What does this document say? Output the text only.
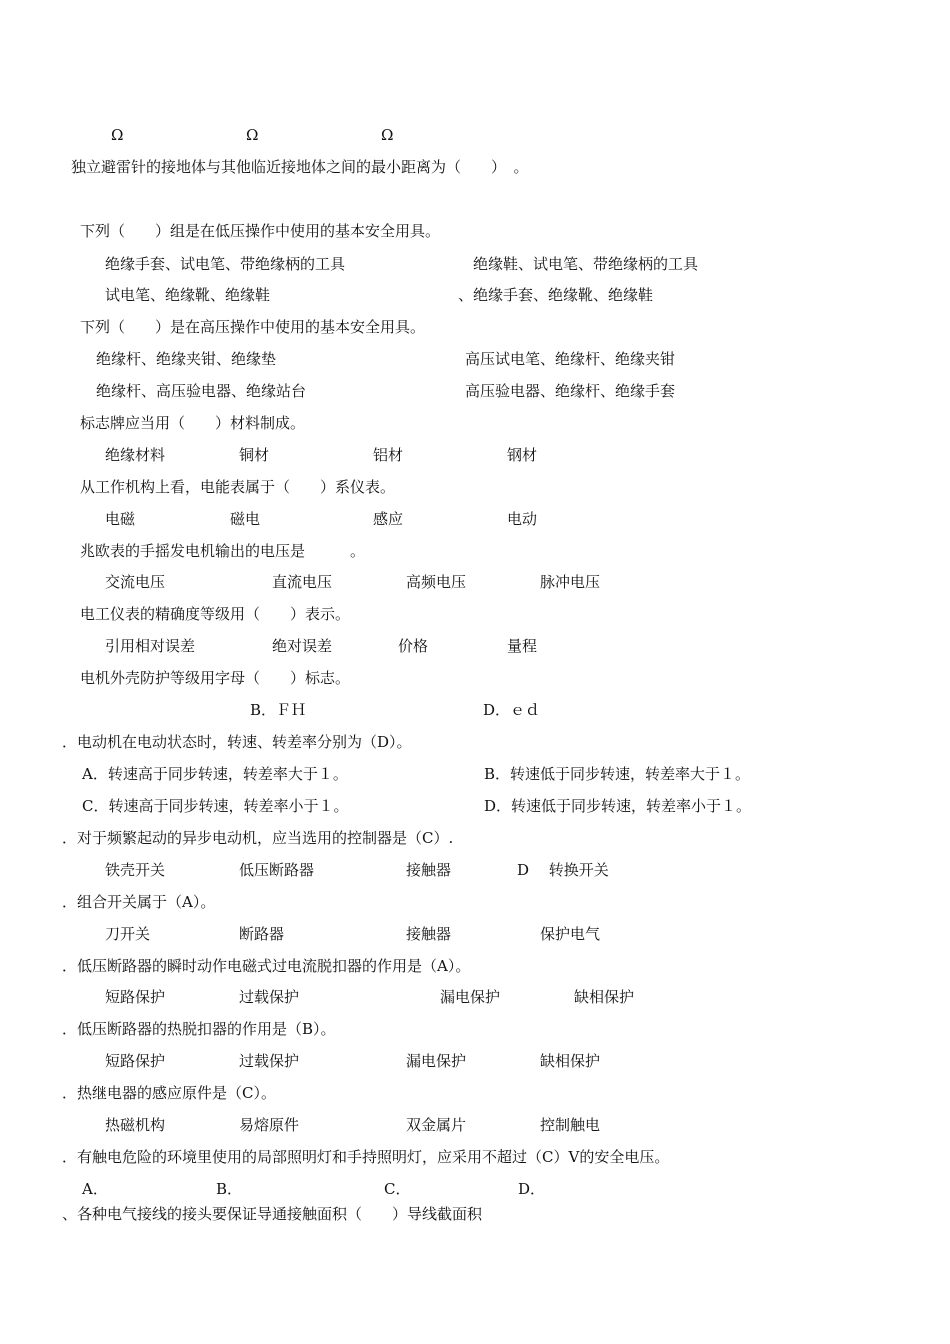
Ω	Ω	Ω
独立避雷针的接地体与其他临近接地体之间的最小距离为（　　）　。
下列（　　）组是在低压操作中使用的基本安全用具。
绝缘手套、试电笔、带绝缘柄的工具	绝缘鞋、试电笔、带绝缘柄的工具
试电笔、绝缘靴、绝缘鞋	、绝缘手套、绝缘靴、绝缘鞋
下列（　　）是在高压操作中使用的基本安全用具。
绝缘杆、绝缘夹钳、绝缘垫	高压试电笔、绝缘杆、绝缘夹钳
绝缘杆、高压验电器、绝缘站台	高压验电器、绝缘杆、绝缘手套
标志牌应当用（　　）材料制成。
绝缘材料	铜材	铝材	钢材
从工作机构上看，电能表属于（　　）系仪表。
电磁	磁电	感应	电动
兆欧表的手摇发电机输出的电压是　　　。
交流电压	直流电压	高频电压	脉冲电压
电工仪表的精确度等级用（　　）表示。
引用相对误差	绝对误差	价格	量程
电机外壳防护等级用字母（　　）标志。
B．ＦＨ	D．ｅｄ
．电动机在电动状态时，转速、转差率分别为（D）。
A．转速高于同步转速，转差率大于１。	B．转速低于同步转速，转差率大于１。
C．转速高于同步转速，转差率小于１。	D．转速低于同步转速，转差率小于１。
．对于频繁起动的异步电动机，应当选用的控制器是（C）.
铁壳开关	低压断路器	接触器	D　 转换开关
．组合开关属于（A）。
刀开关	断路器	接触器	保护电气
．低压断路器的瞬时动作电磁式过电流脱扣器的作用是（A）。
短路保护	过载保护	漏电保护	缺相保护
．低压断路器的热脱扣器的作用是（B）。
短路保护	过载保护	漏电保护	缺相保护
．热继电器的感应原件是（C）。
热磁机构	易熔原件	双金属片	控制触电
．有触电危险的环境里使用的局部照明灯和手持照明灯，应采用不超过（C）V的安全电压。
A．	B．	C．	D．
、各种电气接线的接头要保证导通接触面积（　　）导线截面积
